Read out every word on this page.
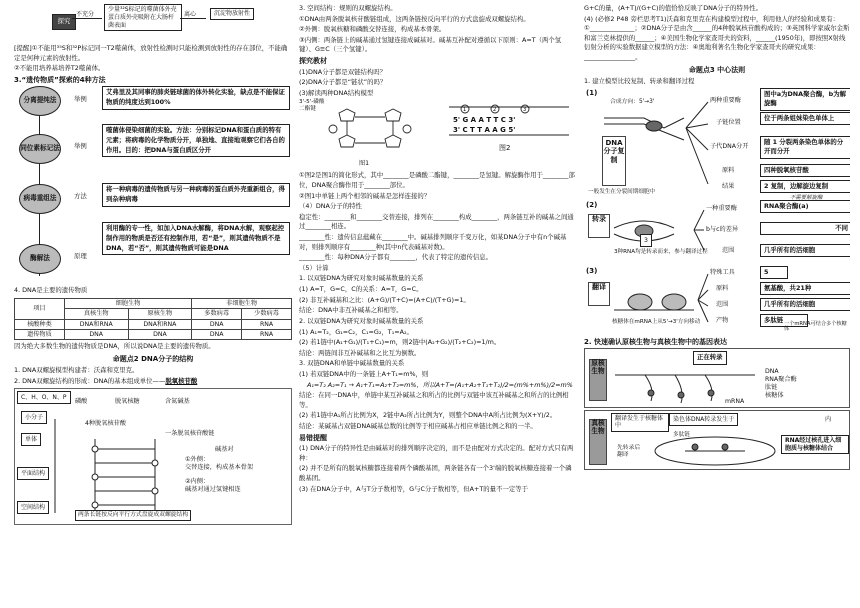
探究
不充分
少量³²S标记的噬菌体外壳蛋白质外壳吸附在大肠杆菌表面
离心	沉淀物放射性

[提醒]①不能用³⁵S和³²P标记同一T2噬菌体，放射性检测时只能检测到放射性的存在部位，不能确定是何种元素的放射性。

②不能用培养基培养T2噬菌体。

3.“遗传物质”探索的4种方法

分离提纯法	举例
艾弗里及其同事的肺炎链球菌的体外转化实验，缺点是不能保证物质的纯度达到100%
同位素标记法 举例
噬菌体侵染细菌的实验。方法：分别标记DNA和蛋白质的特有元素；将病毒的化学物质分开，单独地、直接地观察它们各自的作用。目的：把DNA与蛋白质区分开
病毒重组法	方法
将一种病毒的遗传物质与另一种病毒的蛋白质外壳重新组合，得到杂种病毒
酶解法	原理
利用酶的专一性，如加入DNA水解酶，将DNA水解，观察起控制作用的物质是否还有控制作用，若“是”，则其遗传物质不是DNA，若“否”，则其遗传物质可能是DNA

4. DNA是主要的遗传物质

项目	细胞生物		非细胞生物	
	真核生物	原核生物	多数病毒	少数病毒
核酸种类	DNA和RNA	DNA和RNA	DNA	RNA
遗传物质	DNA	DNA	DNA	RNA

因为绝大多数生物的遗传物质是DNA，所以说DNA是主要的遗传物质。

命题点2 DNA分子的结构

1. DNA双螺旋模型构建者：沃森和克里克。

2. DNA双螺旋结构的形成：DNA的基本组成单位——脱氧核苷酸

C、H、O、N、P
小分子
单体
平面结构
空间结构
磷酸	脱氧核糖	含氮碱基
4种脱氧核苷酸
一条脱氧核苷酸链
①外侧：
交替连接，构成基本骨架
②内侧：
碱基对通过氢键相连
碱基对
两条长链按反向平行方式盘旋成双螺旋结构

3. 空间结构：规则的双螺旋结构。

①DNA由两条脱氧核苷酸链组成，这两条链按反向平行的方式盘旋成双螺旋结构。

②外侧：脱氧核糖和磷酸交替连接，构成基本骨架。

③内侧：两条链上的碱基通过氢键连接成碱基对。碱基互补配对遵循以下原则：A=T（两个氢键）、G≡C（三个氢键）。

探究教材

(1)DNA分子都是双链结构吗？

(2)DNA分子都是“链状”的吗？

(3)解读两种DNA结构模型

3'-5'-磷酸二酯键	1	2	3
5' G A A T T C 3'
3' C T T A A G 5'
图1
图2

①图2是图1的简化形式，其中________是磷酸二酯键，________是氢键。解旋酶作用于________部位，DNA聚合酶作用于________部位。

②图1中单链上两个相邻的碱基是怎样连接的？

（4）DNA分子的特性

稳定性：________和________交替连接，排列在________构成________，两条链互补的碱基之间通过________相连。

________性：遗传信息蕴藏在________中。碱基排列顺序千变万化，如某DNA分子中有n个碱基对，则排列顺序有________种(其中n代表碱基对数)。

________性：每种DNA分子都有________，代表了特定的遗传信息。

（5）计算

1. 以双链DNA为研究对象时碱基数量的关系

(1) A=T，G=C，C的关系：A=T，G=C。

(2) 非互补碱基和之比：(A+G)/(T+C)=(A+C)/(T+G)=1。

结论：DNA中非互补碱基之和相等。

2. 以双链DNA为研究对象时碱基数量的关系

(1) A₁=T₂，G₁=C₂，C₁=G₂，T₁=A₂。

(2) 若1链中(A₁+G₁)/(T₁+C₁)=m，则2链中(A₂+G₂)/(T₂+C₂)=1/m。

结论：两链间非互补碱基和之比互为倒数。

3. 双链DNA和单链中碱基数量的关系

(1) 若双链DNA中的一条链上A+T₁=m%，则

A₁=T₂ A₂=T₁ → A₁+T₁=A₂+T₂=m%，所以A+T=(A₁+A₂+T₁+T₂)/2=(m%+m%)/2=m%

结论：在同一DNA中，单链中某互补碱基之和所占的比例与双链中该互补碱基之和所占的比例相等。

(2) 若1链中A₁所占比例为X，2链中A₂所占比例为Y，则整个DNA中A所占比例为(X+Y)/2。

结论：某碱基占双链DNA碱基总数的比例等于相应碱基占相应单链比例之和的一半。

易错提醒

(1) DNA分子的特异性是由碱基对的排列顺序决定的，而不是由配对方式决定的。配对方式只有两种：

(2) 并不是所有的脱氧核糖都连接着两个磷酸基团，两条链各有一个3'端的脱氧核糖连接着一个磷酸基团。

(3) 在DNA分子中，A与T分子数相等，G与C分子数相等，但A+T的量不一定等于

G+C的量，(A+T)/(G+C)的值恰恰反映了DNA分子的特异性。

(4) (必修2 P48 旁栏思考T1)沃森和克里克在构建模型过程中，利用他人的经验和成果有：①______________；②DNA分子是由含______的4种脱氧核苷酸构成的；③英国科学家威尔金斯和富兰克林提供的______；④美国生物化学家查哥夫的资料，______(1950年)，即按照X射线衍射分析的实验数据建立模型的方法：④奥地利著名生物化学家查哥夫的研究成果：________________。

命题点3 中心法则

1. 建立模型比较复制、转录和翻译过程

(1)
合成方向：5'→3'
DNA分子复制
一般发生在分裂间期细胞中
两种重要酶
子链位置
子代DNA分开
原料
结果
图中a为DNA聚合酶，b为解旋酶
位于两条姐妹染色单体上
随 1 分裂两条染色单体的分开而分开
四种脱氧核苷酸
2 复制，边解旋边复制
(2)
转录
3
3种RNA均是转录而来，参与翻译过程
一种重要酶
b与c的差异
范围
RNA聚合酶(a)
不需要解旋酶
不同
几乎所有的活细胞
(3)
翻译
核糖体在mRNA上从5'→3'方向移动
特殊工具
原料
范围
产物
5
氨基酸，共21种
几乎所有的活细胞
多肽链 一个mRNA可结合多个核糖体

2. 快速确认原核生物与真核生物中的基因表达

原核生物
正在转录
DNA
RNA聚合酶
肽链
核糖体
mRNA
真核生物
翻译发生于核糖体中
染色体DNA转录发生于	内
先转录后翻译
多肽链
RNA经过核孔进入细胞质与核糖体结合
